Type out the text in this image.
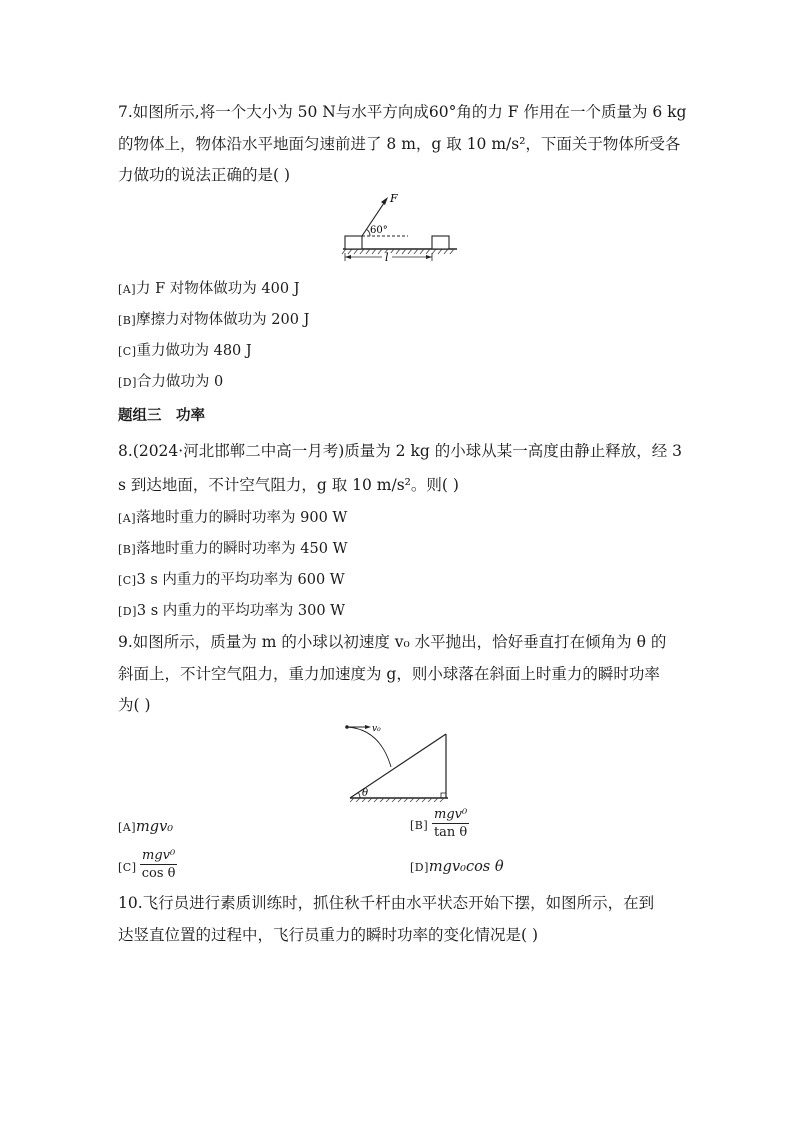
7.如图所示,将一个大小为 50 N与水平方向成60°角的力 F 作用在一个质量为 6 kg
的物体上，物体沿水平地面匀速前进了 8 m，g 取 10 m/s²，下面关于物体所受各
力做功的说法正确的是( )
F
60°
l
[A]力 F 对物体做功为 400 J
[B]摩擦力对物体做功为 200 J
[C]重力做功为 480 J
[D]合力做功为 0
题组三　功率
8.(2024·河北邯郸二中高一月考)质量为 2 kg 的小球从某一高度由静止释放，经 3
s 到达地面，不计空气阻力，g 取 10 m/s²。则( )
[A]落地时重力的瞬时功率为 900 W
[B]落地时重力的瞬时功率为 450 W
[C]3 s 内重力的平均功率为 600 W
[D]3 s 内重力的平均功率为 300 W
9.如图所示，质量为 m 的小球以初速度 v₀ 水平抛出，恰好垂直打在倾角为 θ 的
斜面上，不计空气阻力，重力加速度为 g，则小球落在斜面上时重力的瞬时功率
为( )
θ
v₀
[A]mgv₀	[B]
mgv⁰
tan θ
[C]
mgv⁰
cos θ	[D]mgv₀cos θ
10.飞行员进行素质训练时，抓住秋千杆由水平状态开始下摆，如图所示，在到
达竖直位置的过程中，飞行员重力的瞬时功率的变化情况是( )
